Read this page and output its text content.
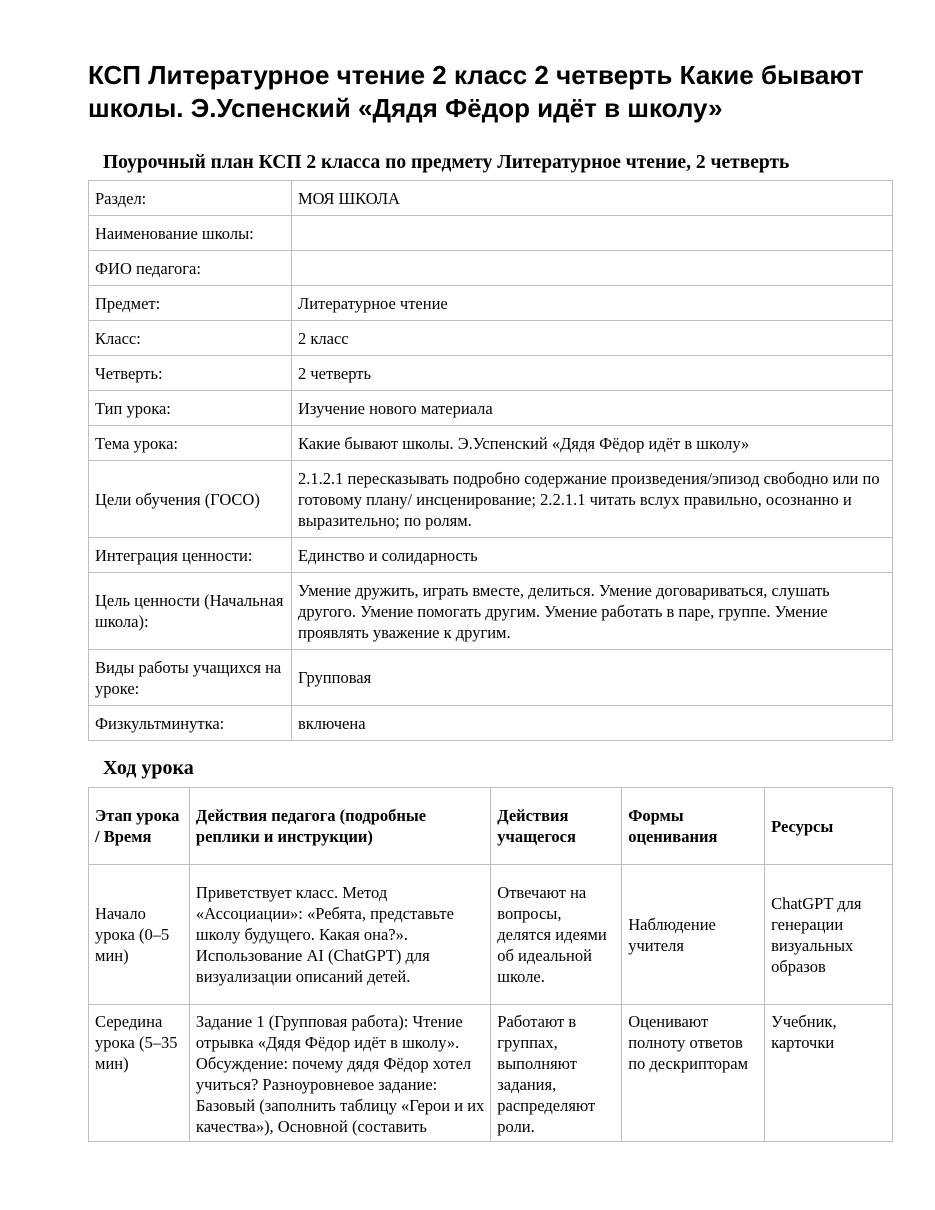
КСП Литературное чтение 2 класс 2 четверть Какие бывают школы. Э.Успенский «Дядя Фёдор идёт в школу»
Поурочный план КСП 2 класса по предмету Литературное чтение, 2 четверть
Раздел:	МОЯ ШКОЛА
Наименование школы:	
ФИО педагога:	
Предмет:	Литературное чтение
Класс:	2 класс
Четверть:	2 четверть
Тип урока:	Изучение нового материала
Тема урока:	Какие бывают школы. Э.Успенский «Дядя Фёдор идёт в школу»
Цели обучения (ГОСО)	2.1.2.1 пересказывать подробно содержание произведения/эпизод свободно или по готовому плану/ инсценирование; 2.2.1.1 читать вслух правильно, осознанно и выразительно; по ролям.
Интеграция ценности:	Единство и солидарность
Цель ценности (Начальная школа):	Умение дружить, играть вместе, делиться. Умение договариваться, слушать другого. Умение помогать другим. Умение работать в паре, группе. Умение проявлять уважение к другим.
Виды работы учащихся на уроке:	Групповая
Физкультминутка:	включена
Ход урока
Этап урока / Время	Действия педагога (подробные реплики и инструкции)	Действия учащегося	Формы оценивания	Ресурсы
Начало урока (0–5 мин)	Приветствует класс. Метод «Ассоциации»: «Ребята, представьте школу будущего. Какая она?». Использование AI (ChatGPT) для визуализации описаний детей.	Отвечают на вопросы, делятся идеями об идеальной школе.	Наблюдение учителя	ChatGPT для генерации визуальных образов
Середина урока (5–35 мин)	Задание 1 (Групповая работа): Чтение отрывка «Дядя Фёдор идёт в школу». Обсуждение: почему дядя Фёдор хотел учиться? Разноуровневое задание: Базовый (заполнить таблицу «Герои и их качества»), Основной (составить	Работают в группах, выполняют задания, распределяют роли.	Оценивают полноту ответов по дескрипторам	Учебник, карточки
